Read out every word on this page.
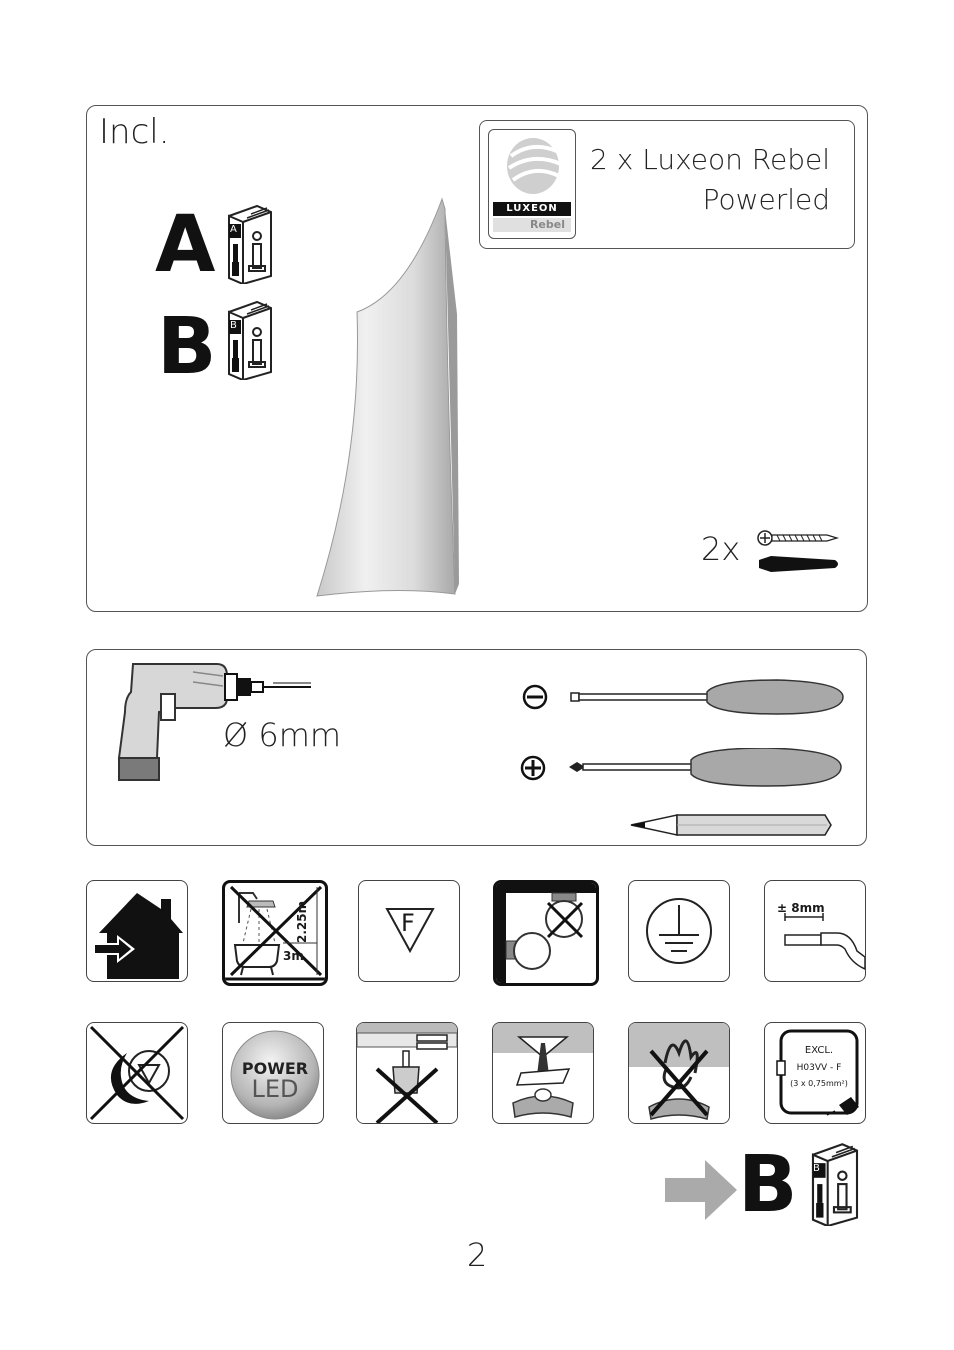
Incl.
A A
B B
LUXEON
Rebel
2 x Luxeon Rebel
Powerled
2x
Ø 6mm
2.25m
3m
F
± 8mm
POWER
LED
EXCL.
H03VV - F
(3 x 0,75mm²)
B B
2
